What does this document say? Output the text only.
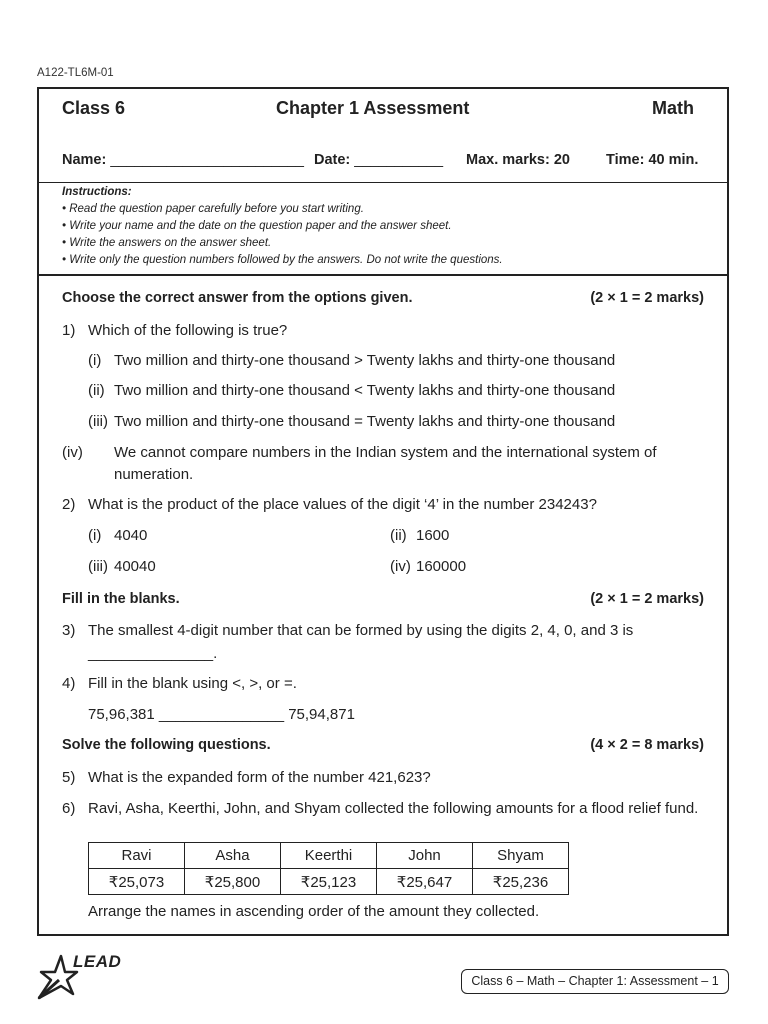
A122-TL6M-01
Class 6	Chapter 1 Assessment	Math
Name: ________________________ Date: ___________ Max. marks: 20 Time: 40 min.
Instructions:
• Read the question paper carefully before you start writing.
• Write your name and the date on the question paper and the answer sheet.
• Write the answers on the answer sheet.
• Write only the question numbers followed by the answers. Do not write the questions.
Choose the correct answer from the options given.	(2 × 1 = 2 marks)
1) Which of the following is true?
(i) Two million and thirty-one thousand > Twenty lakhs and thirty-one thousand
(ii) Two million and thirty-one thousand < Twenty lakhs and thirty-one thousand
(iii) Two million and thirty-one thousand = Twenty lakhs and thirty-one thousand
(iv) We cannot compare numbers in the Indian system and the international system of numeration.
2) What is the product of the place values of the digit ‘4’ in the number 234243?
(i) 4040	(ii) 1600
(iii) 40040	(iv) 160000
Fill in the blanks.	(2 × 1 = 2 marks)
3) The smallest 4-digit number that can be formed by using the digits 2, 4, 0, and 3 is
_______________.
4) Fill in the blank using <, >, or =.
75,96,381 _______________ 75,94,871
Solve the following questions.	(4 × 2 = 8 marks)
5) What is the expanded form of the number 421,623?
6) Ravi, Asha, Keerthi, John, and Shyam collected the following amounts for a flood relief fund.
Ravi	Asha	Keerthi	John	Shyam
₹25,073	₹25,800	₹25,123	₹25,647	₹25,236
Arrange the names in ascending order of the amount they collected.
LEAD
Class 6 – Math – Chapter 1: Assessment – 1
